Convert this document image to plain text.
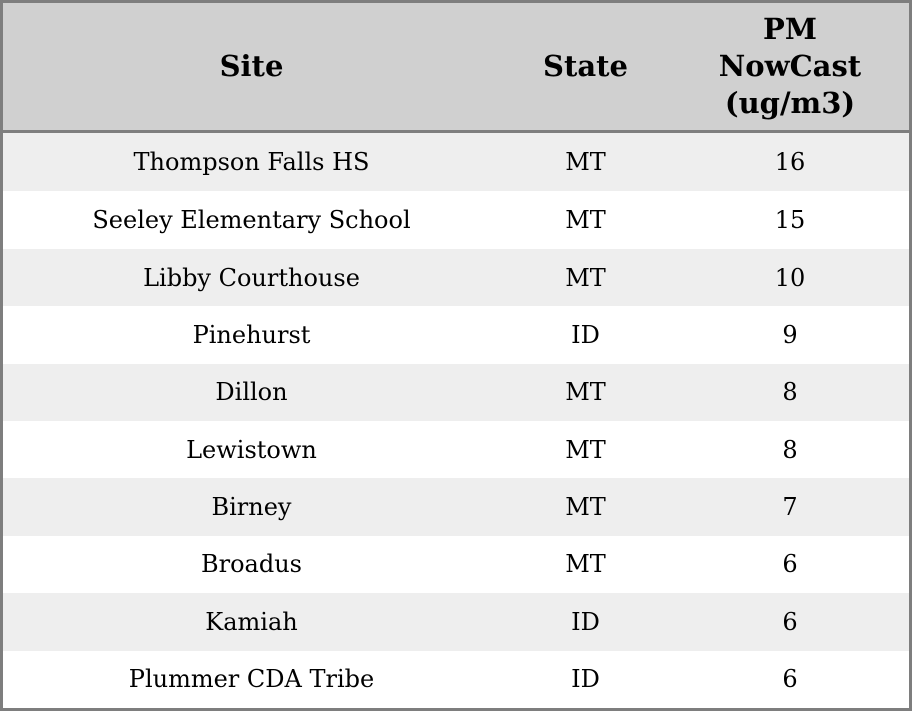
Site	State	PM NowCast (ug/m3)
Thompson Falls HS	MT	16
Seeley Elementary School	MT	15
Libby Courthouse	MT	10
Pinehurst	ID	9
Dillon	MT	8
Lewistown	MT	8
Birney	MT	7
Broadus	MT	6
Kamiah	ID	6
Plummer CDA Tribe	ID	6
